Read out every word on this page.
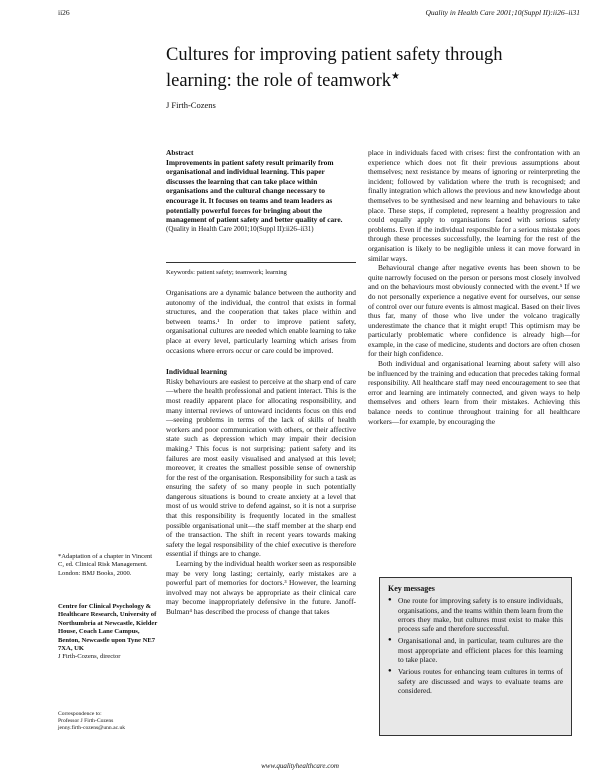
ii26	Quality in Health Care 2001;10(Suppl II):ii26–ii31
Cultures for improving patient safety through learning: the role of teamwork★
J Firth-Cozens
Abstract
Improvements in patient safety result primarily from organisational and individual learning. This paper discusses the learning that can take place within organisations and the cultural change necessary to encourage it. It focuses on teams and team leaders as potentially powerful forces for bringing about the management of patient safety and better quality of care.
(Quality in Health Care 2001;10(Suppl II):ii26–ii31)
Keywords: patient safety; teamwork; learning

Organisations are a dynamic balance between the authority and autonomy of the individual, the control that exists in formal structures, and the cooperation that takes place within and between teams.¹ In order to improve patient safety, organisational cultures are needed which enable learning to take place at every level, particularly learning which arises from occasions where errors occur or care could be improved.

Individual learning

Risky behaviours are easiest to perceive at the sharp end of care—where the health professional and patient interact. This is the most readily apparent place for allocating responsibility, and many internal reviews of untoward incidents focus on this end—seeing problems in terms of the lack of skills of health workers and poor communication with others, or their affective state such as depression which may impair their decision making.² This focus is not surprising: patient safety and its failures are most easily visualised and analysed at this level; moreover, it creates the smallest possible sense of ownership for the rest of the organisation. Responsibility for such a task as ensuring the safety of so many people in such potentially dangerous situations is bound to create anxiety at a level that most of us would strive to defend against, so it is not a surprise that this responsibility is frequently located in the smallest possible organisational unit—the staff member at the sharp end of the transaction. The shift in recent years towards making safety the legal responsibility of the chief executive is therefore essential if things are to change.

Learning by the individual health worker seen as responsible may be very long lasting; certainly, early mistakes are a powerful part of memories for doctors.³ However, the learning involved may not always be appropriate as their clinical care may become inappropriately defensive in the future. Janoff-Bulman⁴ has described the process of change that takes

place in individuals faced with crises: first the confrontation with an experience which does not fit their previous assumptions about themselves; next resistance by means of ignoring or reinterpreting the incident; followed by validation where the truth is recognised; and finally integration which allows the previous and new knowledge about themselves to be synthesised and new learning and behaviours to take place. These steps, if completed, represent a healthy progression and could equally apply to organisations faced with serious safety problems. Even if the individual responsible for a serious mistake goes through these processes successfully, the learning for the rest of the organisation is likely to be negligible unless it can move forward in similar ways.

Behavioural change after negative events has been shown to be quite narrowly focused on the person or persons most closely involved and on the behaviours most obviously connected with the event.⁵ If we do not personally experience a negative event for ourselves, our sense of control over our future events is almost magical. Based on their lives thus far, many of those who live under the volcano tragically underestimate the chance that it might erupt! This optimism may be particularly problematic where confidence is already high—for example, in the case of medicine, students and doctors are often chosen for their high confidence.

Both individual and organisational learning about safety will also be influenced by the training and education that precedes taking formal responsibility. All healthcare staff may need encouragement to see that error and learning are intimately connected, and given ways to help themselves and others learn from their mistakes. Achieving this balance needs to continue throughout training for all healthcare workers—for example, by encouraging the

*Adaptation of a chapter in Vincent C, ed. Clinical Risk Management. London: BMJ Books, 2000.
Centre for Clinical Psychology & Healthcare Research, University of Northumbria at Newcastle, Kielder House, Coach Lane Campus, Benton, Newcastle upon Tyne NE7 7XA, UK
J Firth-Cozens, director
Correspondence to:
Professor J Firth-Cozens
jenny.firth-cozens@unn.ac.uk
Key messages
● One route for improving safety is to ensure individuals, organisations, and the teams within them learn from the errors they make, but cultures must exist to make this process safe and therefore successful.
● Organisational and, in particular, team cultures are the most appropriate and efficient places for this learning to take place.
● Various routes for enhancing team cultures in terms of safety are discussed and ways to evaluate teams are considered.
www.qualityhealthcare.com
